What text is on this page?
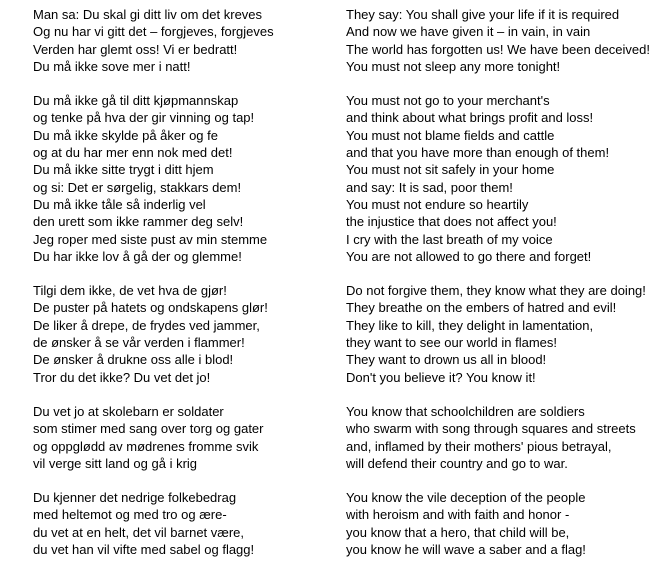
Man sa: Du skal gi ditt liv om det kreves
Og nu har vi gitt det – forgjeves, forgjeves
Verden har glemt oss! Vi er bedratt!
Du må ikke sove mer i natt!

Du må ikke gå til ditt kjøpmannskap
og tenke på hva der gir vinning og tap!
Du må ikke skylde på åker og fe
og at du har mer enn nok med det!
Du må ikke sitte trygt i ditt hjem
og si: Det er sørgelig, stakkars dem!
Du må ikke tåle så inderlig vel
den urett som ikke rammer deg selv!
Jeg roper med siste pust av min stemme
Du har ikke lov å gå der og glemme!

Tilgi dem ikke, de vet hva de gjør!
De puster på hatets og ondskapens glør!
De liker å drepe, de frydes ved jammer,
de ønsker å se vår verden i flammer!
De ønsker å drukne oss alle i blod!
Tror du det ikke? Du vet det jo!

Du vet jo at skolebarn er soldater
som stimer med sang over torg og gater
og oppglødd av mødrenes fromme svik
vil verge sitt land og gå i krig

Du kjenner det nedrige folkebedrag
med heltemot og med tro og ære-
du vet at en helt, det vil barnet være,
du vet han vil vifte med sabel og flagg!

They say: You shall give your life if it is required
And now we have given it – in vain, in vain
The world has forgotten us! We have been deceived!
You must not sleep any more tonight!

You must not go to your merchant's
and think about what brings profit and loss!
You must not blame fields and cattle
and that you have more than enough of them!
You must not sit safely in your home
and say: It is sad, poor them!
You must not endure so heartily
the injustice that does not affect you!
I cry with the last breath of my voice
You are not allowed to go there and forget!

Do not forgive them, they know what they are doing!
They breathe on the embers of hatred and evil!
They like to kill, they delight in lamentation,
they want to see our world in flames!
They want to drown us all in blood!
Don't you believe it? You know it!

You know that schoolchildren are soldiers
who swarm with song through squares and streets
and, inflamed by their mothers' pious betrayal,
will defend their country and go to war.

You know the vile deception of the people
with heroism and with faith and honor -
you know that a hero, that child will be,
you know he will wave a saber and a flag!
